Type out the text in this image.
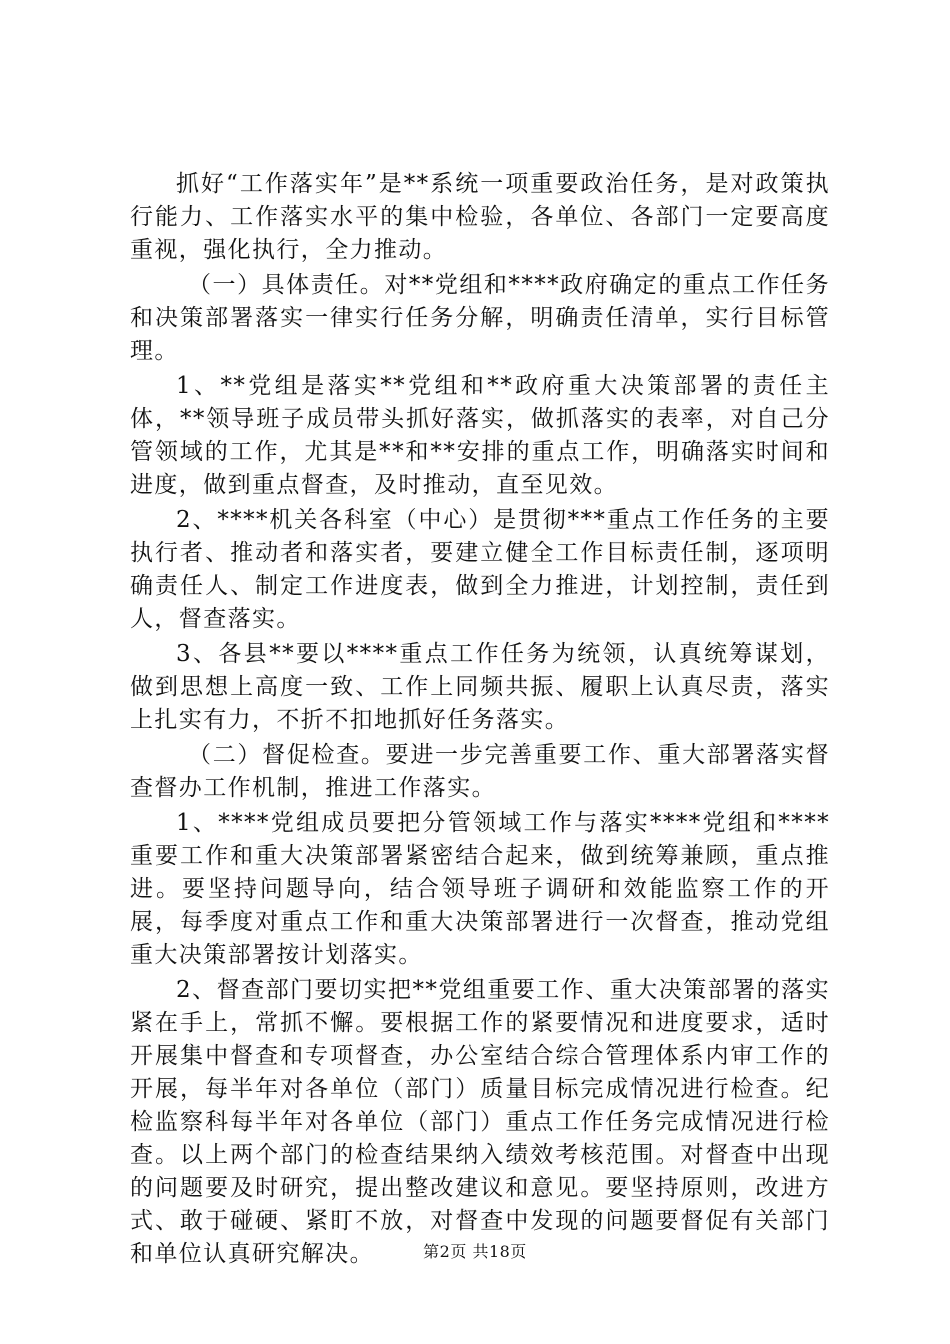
抓好“工作落实年”是**系统一项重要政治任务，是对政策执行能力、工作落实水平的集中检验，各单位、各部门一定要高度重视，强化执行，全力推动。

（一）具体责任。对**党组和****政府确定的重点工作任务和决策部署落实一律实行任务分解，明确责任清单，实行目标管理。

1、**党组是落实**党组和**政府重大决策部署的责任主体，**领导班子成员带头抓好落实，做抓落实的表率，对自己分管领域的工作，尤其是**和**安排的重点工作，明确落实时间和进度，做到重点督查，及时推动，直至见效。

2、****机关各科室（中心）是贯彻***重点工作任务的主要执行者、推动者和落实者，要建立健全工作目标责任制，逐项明确责任人、制定工作进度表，做到全力推进，计划控制，责任到人，督查落实。

3、各县**要以****重点工作任务为统领，认真统筹谋划，做到思想上高度一致、工作上同频共振、履职上认真尽责，落实上扎实有力，不折不扣地抓好任务落实。

（二）督促检查。要进一步完善重要工作、重大部署落实督查督办工作机制，推进工作落实。

1、****党组成员要把分管领域工作与落实****党组和****重要工作和重大决策部署紧密结合起来，做到统筹兼顾，重点推进。要坚持问题导向，结合领导班子调研和效能监察工作的开展，每季度对重点工作和重大决策部署进行一次督查，推动党组重大决策部署按计划落实。

2、督查部门要切实把**党组重要工作、重大决策部署的落实紧在手上，常抓不懈。要根据工作的紧要情况和进度要求，适时开展集中督查和专项督查，办公室结合综合管理体系内审工作的开展，每半年对各单位（部门）质量目标完成情况进行检查。纪检监察科每半年对各单位（部门）重点工作任务完成情况进行检查。以上两个部门的检查结果纳入绩效考核范围。对督查中出现的问题要及时研究，提出整改建议和意见。要坚持原则，改进方式、敢于碰硬、紧盯不放，对督查中发现的问题要督促有关部门和单位认真研究解决。	第2页 共18页
